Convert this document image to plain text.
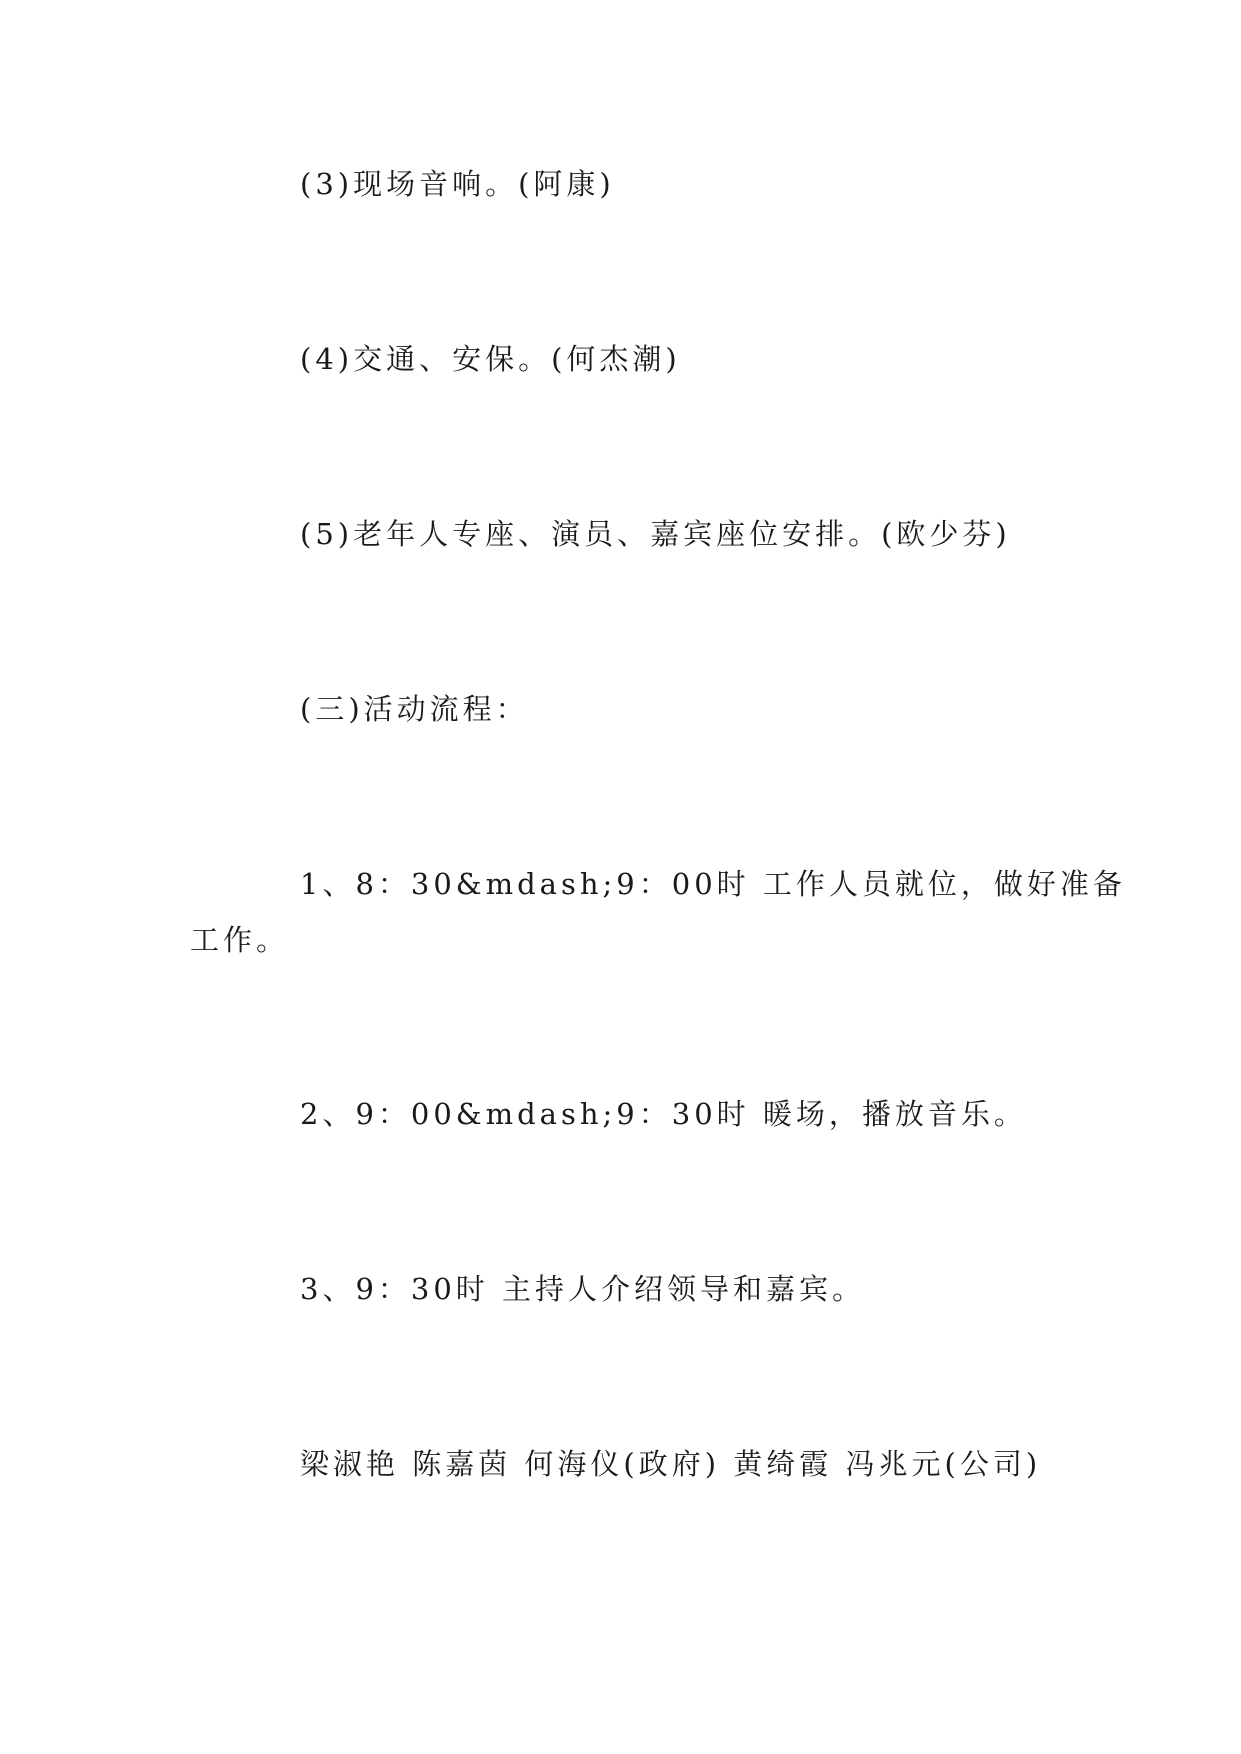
(3)现场音响。(阿康)
(4)交通、安保。(何杰潮)
(5)老年人专座、演员、嘉宾座位安排。(欧少芬)
(三)活动流程：
1、8：30&mdash;9：00时 工作人员就位，做好准备
工作。
2、9：00&mdash;9：30时 暖场，播放音乐。
3、9：30时 主持人介绍领导和嘉宾。
梁淑艳 陈嘉茵 何海仪(政府) 黄绮霞 冯兆元(公司)
